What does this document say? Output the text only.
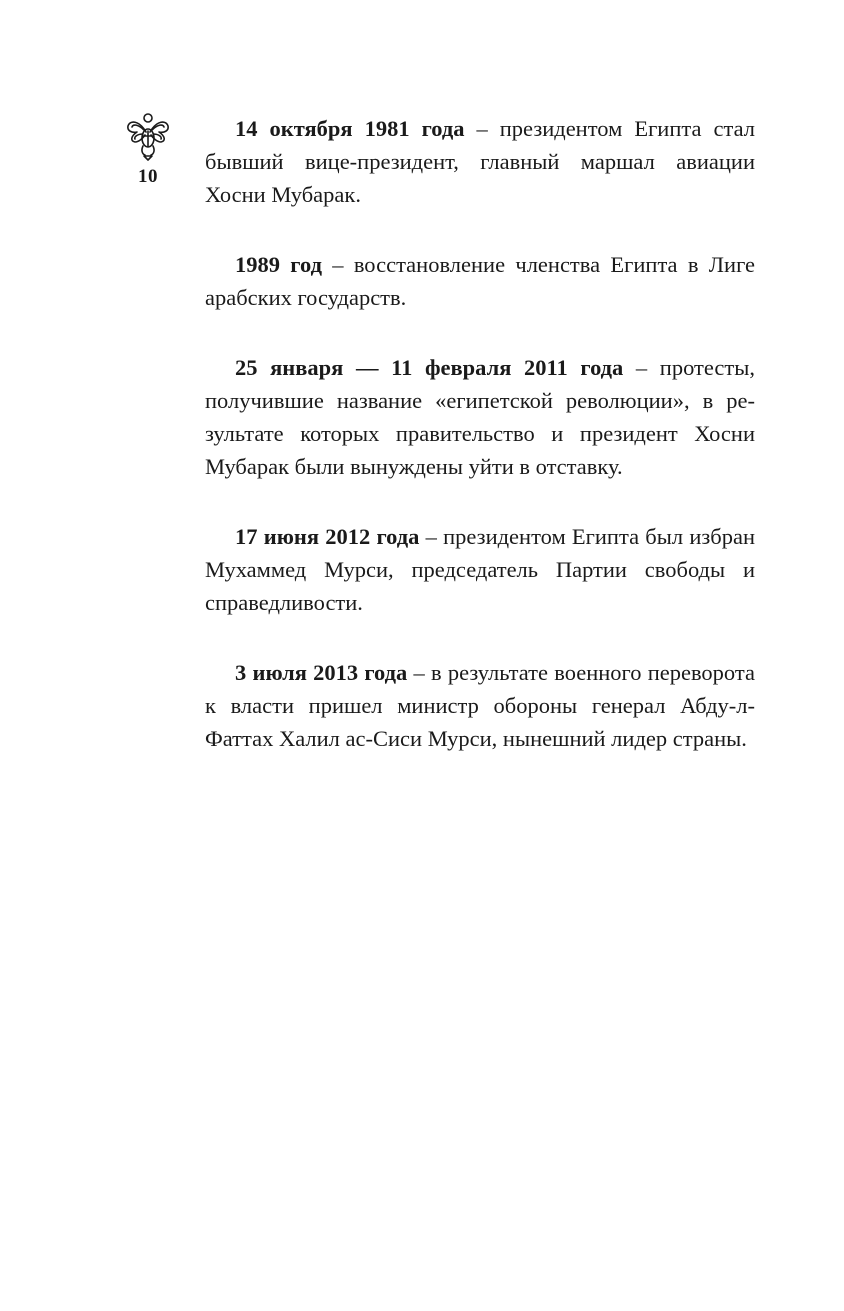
10

14 октября 1981 года – президентом Египта стал бывший вице-президент, главный маршал авиации Хосни Мубарак.

1989 год – восстановление членства Египта в Лиге арабских государств.

25 января — 11 февраля 2011 года – протесты, получившие название «египетской революции», в результате которых правительство и президент Хосни Мубарак были вынуждены уйти в отставку.

17 июня 2012 года – президентом Египта был избран Мухаммед Мурси, председатель Партии свободы и справедливости.

3 июля 2013 года – в результате военного переворота к власти пришел министр обороны генерал Абду-л-Фаттах Халил ас-Сиси Мурси, нынешний лидер страны.
